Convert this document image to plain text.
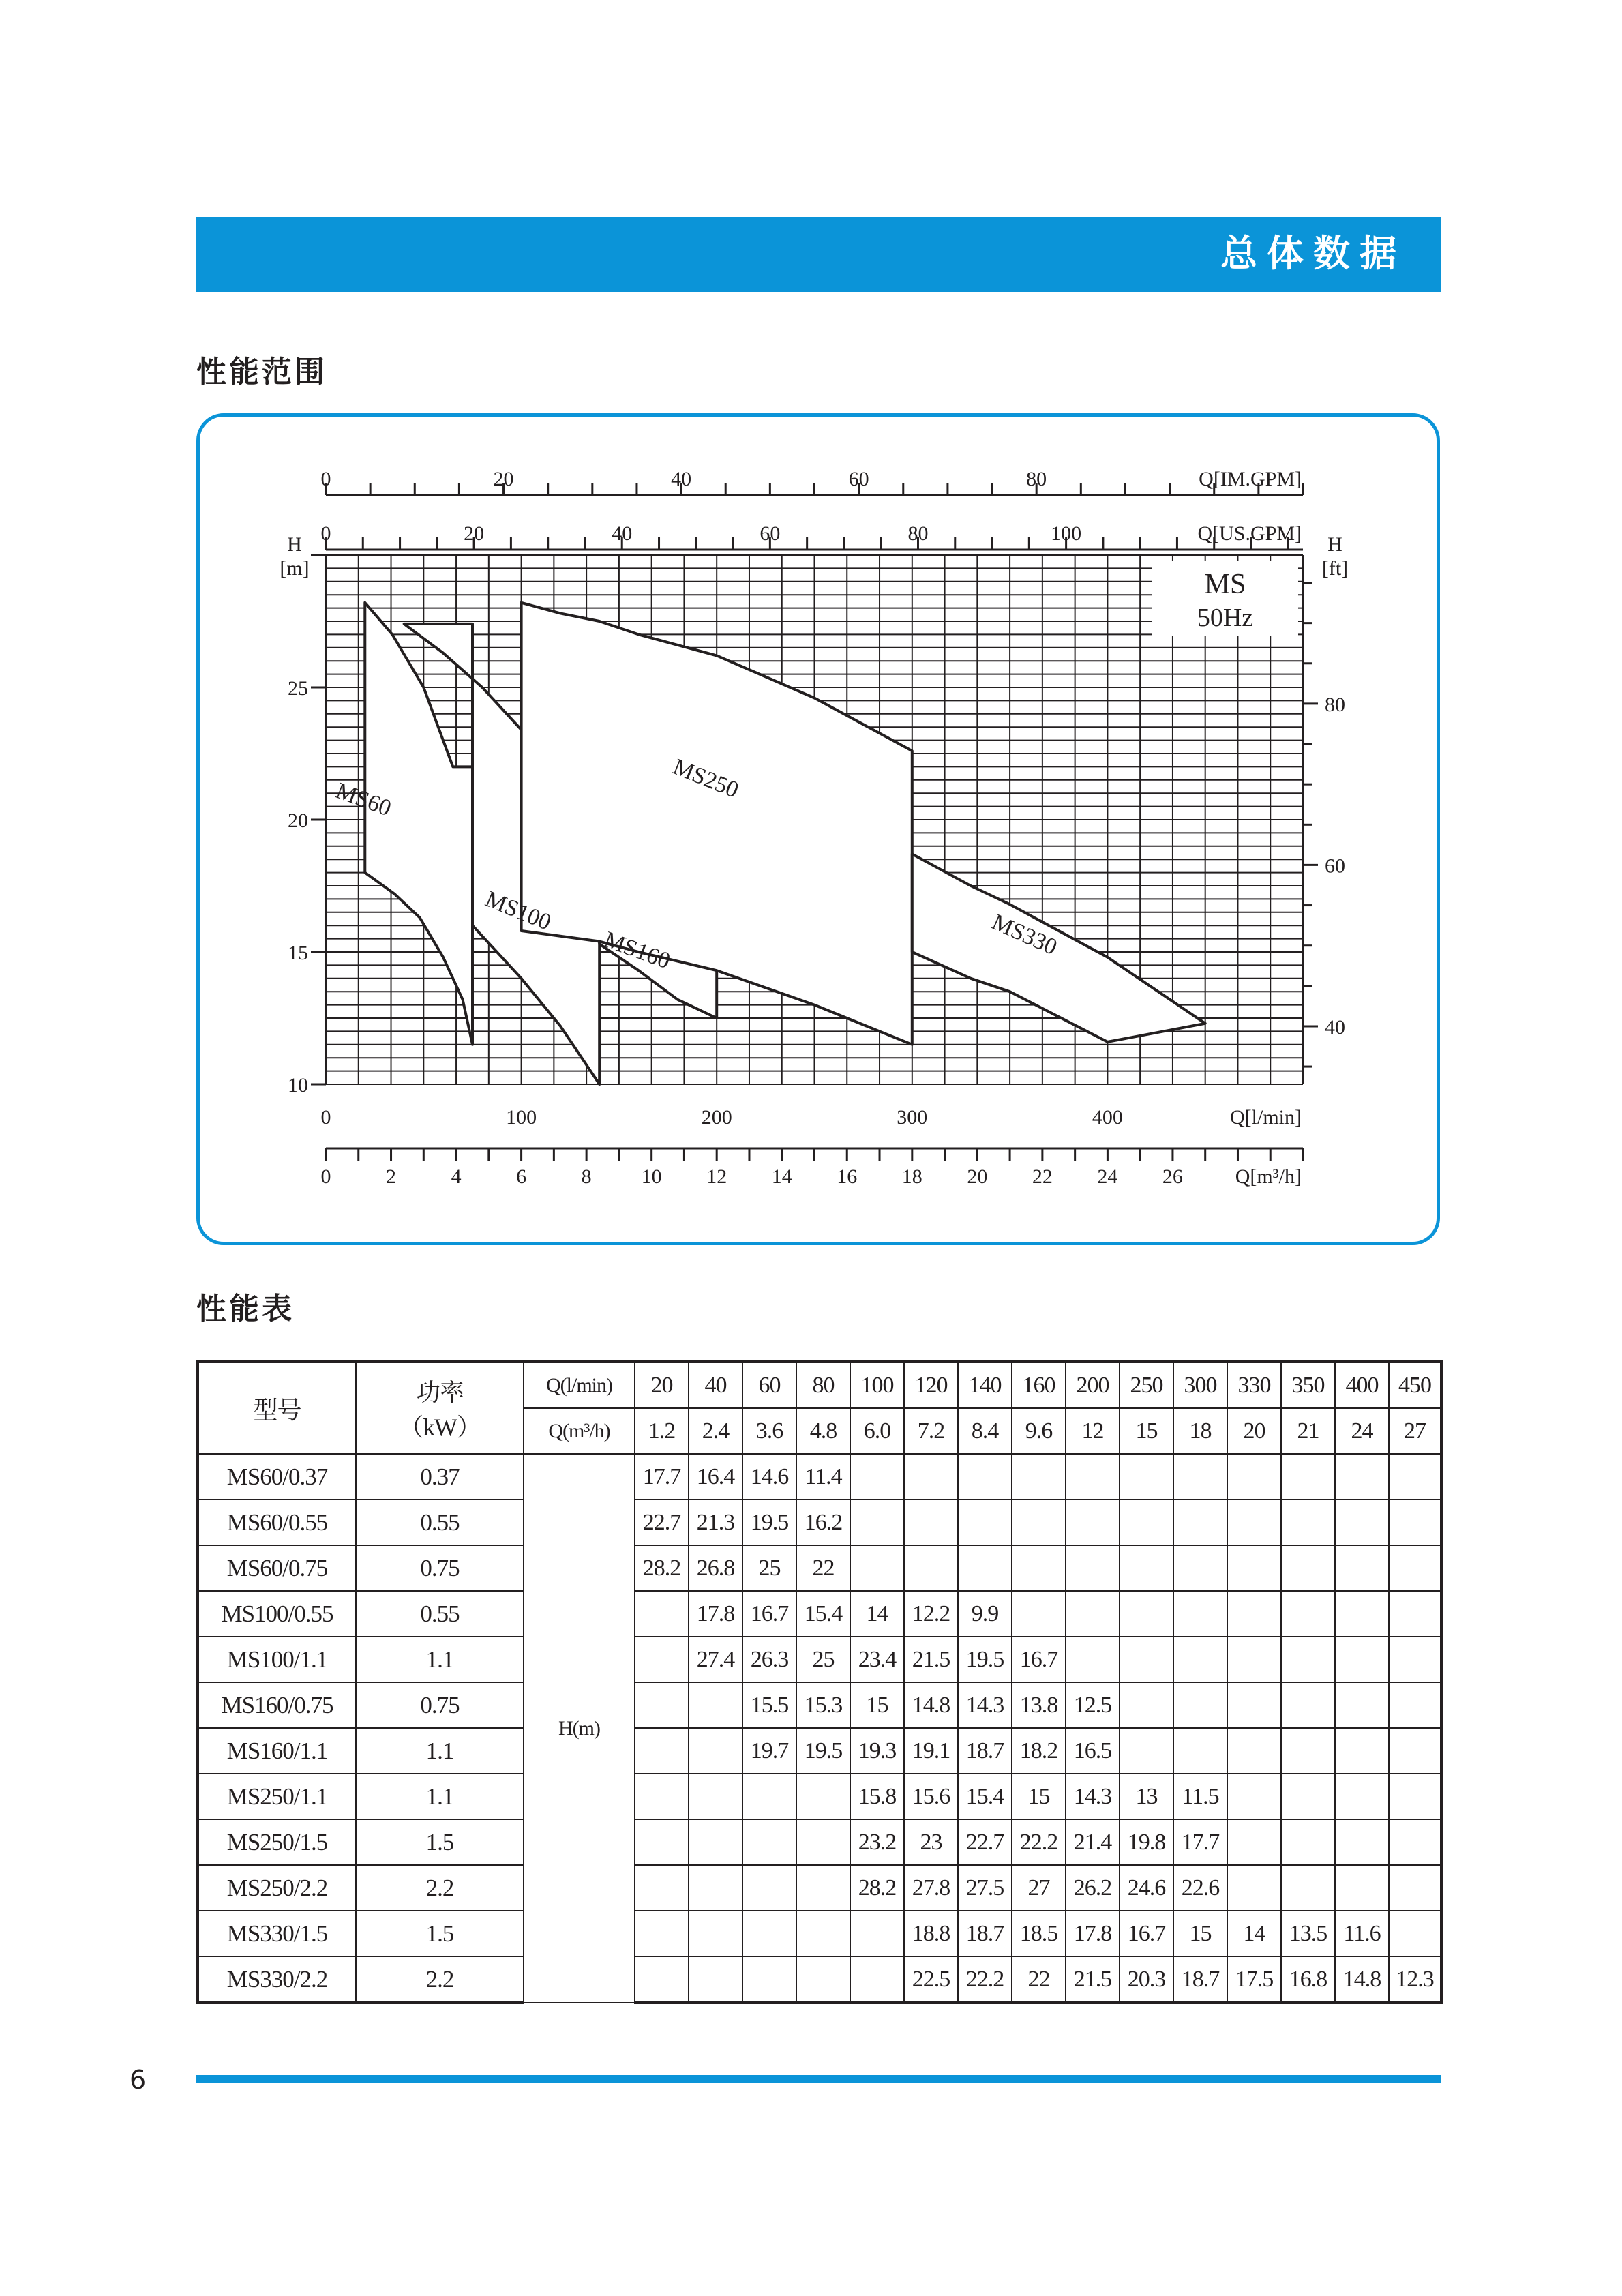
总体数据
性能范围
MS
50Hz
0	20	40	60	80	Q[IM.GPM]
0	20	40	60	80	100	Q[US.GPM]
0	2	4	6	8 10 12 14 16 18 20 22 24 26	Q[m³/h]
0	100	200	300	400	Q[l/min]
10
15
20
25
H
[m]
40
60
80
H
[ft]
MS60
MS100
MS160
MS250
MS330
性能表
型号	功率
（kW）	Q(l/min)	20	40	60	80	100	120	140	160	200	250	300	330	350	400	450
		Q(m³/h)	1.2	2.4	3.6	4.8	6.0	7.2	8.4	9.6	12	15	18	20	21	24	27
MS60/0.37	0.37	H(m)	17.7	16.4	14.6	11.4											
MS60/0.55	0.55		22.7	21.3	19.5	16.2											
MS60/0.75	0.75		28.2	26.8	25	22											
MS100/0.55	0.55			17.8	16.7	15.4	14	12.2	9.9								
MS100/1.1	1.1			27.4	26.3	25	23.4	21.5	19.5	16.7							
MS160/0.75	0.75				15.5	15.3	15	14.8	14.3	13.8	12.5						
MS160/1.1	1.1				19.7	19.5	19.3	19.1	18.7	18.2	16.5						
MS250/1.1	1.1						15.8	15.6	15.4	15	14.3	13	11.5				
MS250/1.5	1.5						23.2	23	22.7	22.2	21.4	19.8	17.7				
MS250/2.2	2.2						28.2	27.8	27.5	27	26.2	24.6	22.6				
MS330/1.5	1.5							18.8	18.7	18.5	17.8	16.7	15	14	13.5	11.6	
MS330/2.2	2.2							22.5	22.2	22	21.5	20.3	18.7	17.5	16.8	14.8	12.3
6
